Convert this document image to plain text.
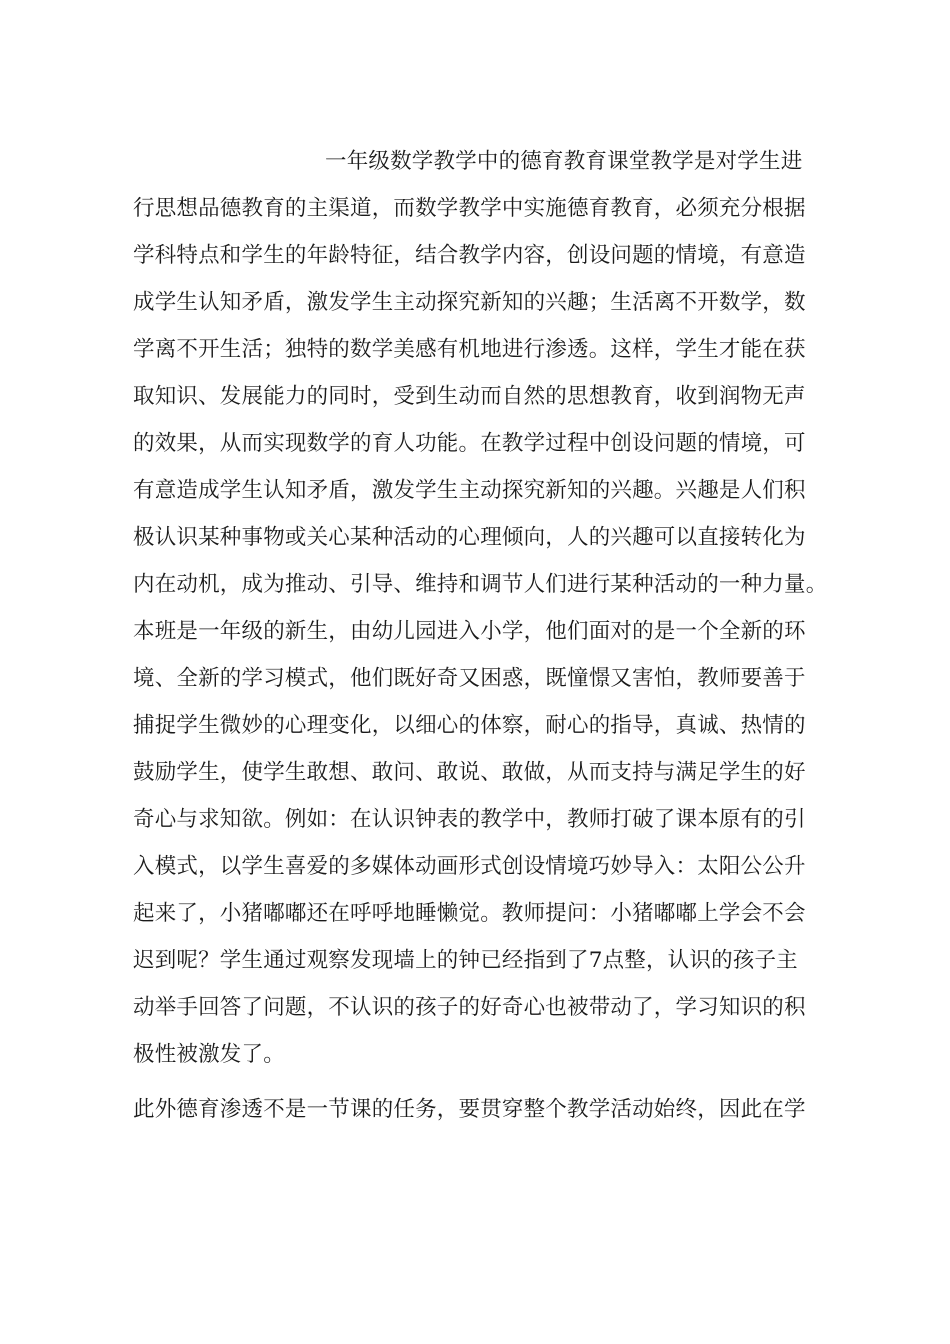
一年级数学教学中的德育教育课堂教学是对学生进
行思想品德教育的主渠道，而数学教学中实施德育教育，必须充分根据
学科特点和学生的年龄特征，结合教学内容，创设问题的情境，有意造
成学生认知矛盾，激发学生主动探究新知的兴趣；生活离不开数学，数
学离不开生活；独特的数学美感有机地进行渗透。这样，学生才能在获
取知识、发展能力的同时，受到生动而自然的思想教育，收到润物无声
的效果，从而实现数学的育人功能。在教学过程中创设问题的情境，可
有意造成学生认知矛盾，激发学生主动探究新知的兴趣。兴趣是人们积
极认识某种事物或关心某种活动的心理倾向，人的兴趣可以直接转化为
内在动机，成为推动、引导、维持和调节人们进行某种活动的一种力量。
本班是一年级的新生，由幼儿园进入小学，他们面对的是一个全新的环
境、全新的学习模式，他们既好奇又困惑，既憧憬又害怕，教师要善于
捕捉学生微妙的心理变化，以细心的体察，耐心的指导，真诚、热情的
鼓励学生，使学生敢想、敢问、敢说、敢做，从而支持与满足学生的好
奇心与求知欲。例如：在认识钟表的教学中，教师打破了课本原有的引
入模式，以学生喜爱的多媒体动画形式创设情境巧妙导入：太阳公公升
起来了，小猪嘟嘟还在呼呼地睡懒觉。教师提问：小猪嘟嘟上学会不会
迟到呢？学生通过观察发现墙上的钟已经指到了7点整，认识的孩子主
动举手回答了问题，不认识的孩子的好奇心也被带动了，学习知识的积
极性被激发了。
此外德育渗透不是一节课的任务，要贯穿整个教学活动始终，因此在学
